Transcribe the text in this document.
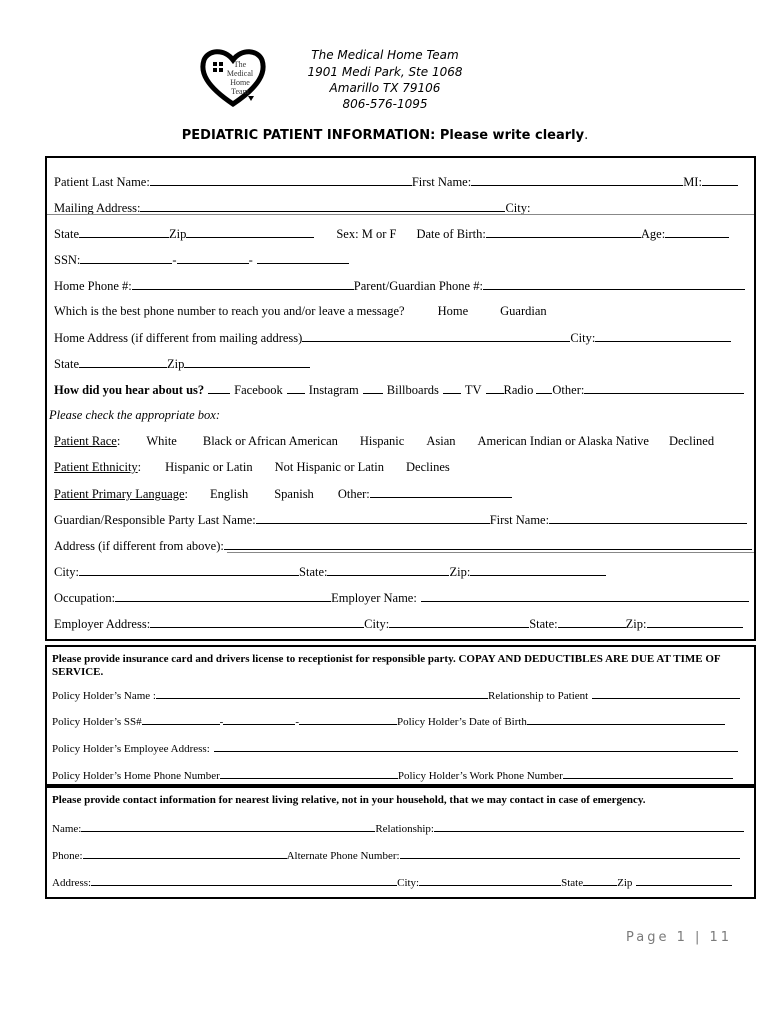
The
Medical
Home
Team
The Medical Home Team
1901 Medi Park, Ste 1068
Amarillo TX 79106
806-576-1095
PEDIATRIC PATIENT INFORMATION: Please write clearly.
Patient Last Name:	First Name:	MI:
Mailing Address:	City:
State	Zip	Sex: M or F Date of Birth:	Age:
SSN:	-	-
Home Phone #:	Parent/Guardian Phone #:
Which is the best phone number to reach you and/or leave a message?	Home	Guardian
Home Address (if different from mailing address)	City:
State	Zip
How did you hear about us? Facebook Instagram Billboards TV Radio Other:
Please check the appropriate box:
Patient Race: White Black or African American Hispanic Asian American Indian or Alaska Native Declined
Patient Ethnicity: Hispanic or Latin Not Hispanic or Latin Declines
Patient Primary Language: English Spanish Other:
Guardian/Responsible Party Last Name:	First Name:
Address (if different from above):
City:	State:	Zip:
Occupation:	Employer Name:
Employer Address:	City:	State:	Zip:
Please provide insurance card and drivers license to receptionist for responsible party. COPAY AND DEDUCTIBLES ARE DUE AT TIME OF SERVICE.
Policy Holder’s Name :	Relationship to Patient
Policy Holder’s SS#	-	-	Policy Holder’s Date of Birth
Policy Holder’s Employee Address:
Policy Holder’s Home Phone Number	Policy Holder’s Work Phone Number
Please provide contact information for nearest living relative, not in your household, that we may contact in case of emergency.
Name:	Relationship:
Phone:	Alternate Phone Number:
Address:	City:	State	Zip
Page 1 | 11
